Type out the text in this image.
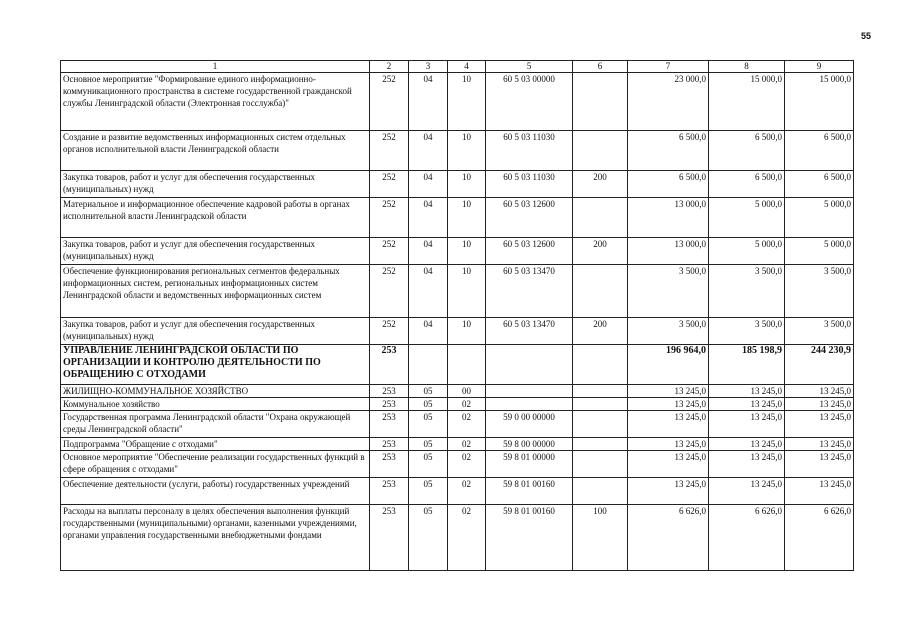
55
1	2	3	4	5	6	7	8	9
Основное мероприятие "Формирование единого информационно-коммуникационного пространства в системе государственной гражданской службы Ленинградской области (Электронная госслужба)"	252	04	10	60 5 03 00000		23 000,0	15 000,0	15 000,0
Создание и развитие ведомственных информационных систем отдельных органов исполнительной власти Ленинградской области	252	04	10	60 5 03 11030		6 500,0	6 500,0	6 500,0
Закупка товаров, работ и услуг для обеспечения государственных (муниципальных) нужд	252	04	10	60 5 03 11030	200	6 500,0	6 500,0	6 500,0
Материальное и информационное обеспечение кадровой работы в органах исполнительной власти Ленинградской области	252	04	10	60 5 03 12600		13 000,0	5 000,0	5 000,0
Закупка товаров, работ и услуг для обеспечения государственных (муниципальных) нужд	252	04	10	60 5 03 12600	200	13 000,0	5 000,0	5 000,0
Обеспечение функционирования региональных сегментов федеральных информационных систем, региональных информационных систем Ленинградской области и ведомственных информационных систем	252	04	10	60 5 03 13470		3 500,0	3 500,0	3 500,0
Закупка товаров, работ и услуг для обеспечения государственных (муниципальных) нужд	252	04	10	60 5 03 13470	200	3 500,0	3 500,0	3 500,0
УПРАВЛЕНИЕ ЛЕНИНГРАДСКОЙ ОБЛАСТИ ПО ОРГАНИЗАЦИИ И КОНТРОЛЮ ДЕЯТЕЛЬНОСТИ ПО ОБРАЩЕНИЮ С ОТХОДАМИ	253					196 964,0	185 198,9	244 230,9
ЖИЛИЩНО-КОММУНАЛЬНОЕ ХОЗЯЙСТВО	253	05	00			13 245,0	13 245,0	13 245,0
Коммунальное хозяйство	253	05	02			13 245,0	13 245,0	13 245,0
Государственная программа Ленинградской области "Охрана окружающей среды Ленинградской области"	253	05	02	59 0 00 00000		13 245,0	13 245,0	13 245,0
Подпрограмма "Обращение с отходами"	253	05	02	59 8 00 00000		13 245,0	13 245,0	13 245,0
Основное мероприятие "Обеспечение реализации государственных функций в сфере обращения с отходами"	253	05	02	59 8 01 00000		13 245,0	13 245,0	13 245,0
Обеспечение деятельности (услуги, работы) государственных учреждений	253	05	02	59 8 01 00160		13 245,0	13 245,0	13 245,0
Расходы на выплаты персоналу в целях обеспечения выполнения функций государственными (муниципальными) органами, казенными учреждениями, органами управления государственными внебюджетными фондами	253	05	02	59 8 01 00160	100	6 626,0	6 626,0	6 626,0
